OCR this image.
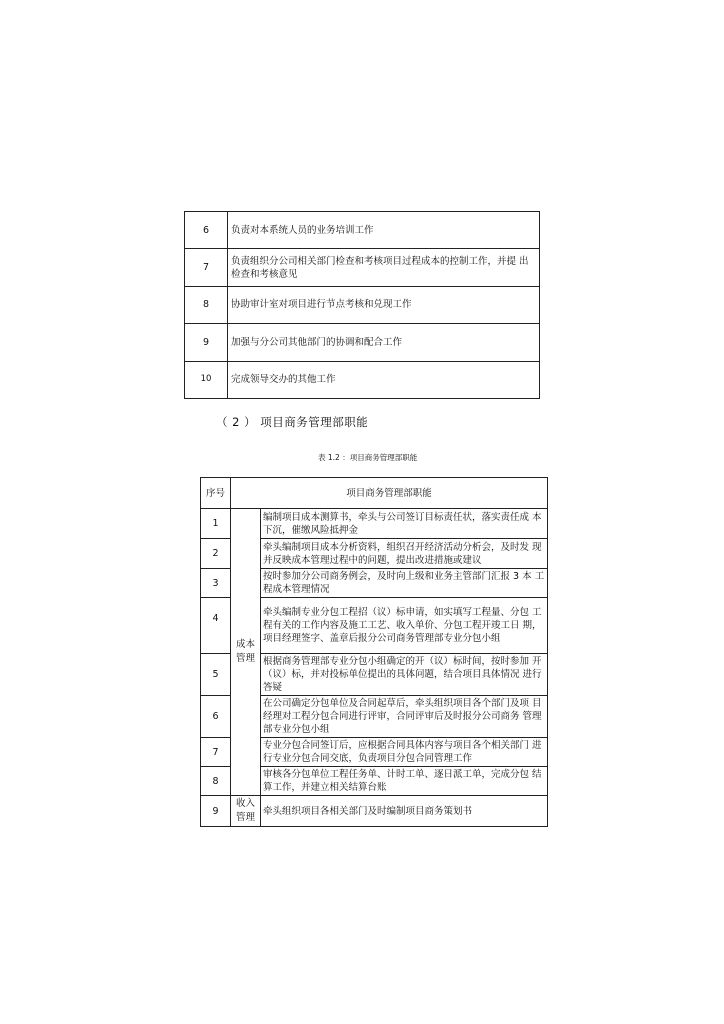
6	负责对本系统人员的业务培训工作
7	负责组织分公司相关部门检查和考核项目过程成本的控制工作，并提 出检查和考核意见
8	协助审计室对项目进行节点考核和兑现工作
9	加强与分公司其他部门的协调和配合工作
10	完成领导交办的其他工作
（ 2 ） 项目商务管理部职能
表 1.2 ：项目商务管理部职能
序号	项目商务管理部职能	
1	成本 管理	编制项目成本测算书，牵头与公司签订目标责任状，落实责任成 本下沉，催缴风险抵押金
2		牵头编制项目成本分析资料，组织召开经济活动分析会，及时发 现并反映成本管理过程中的问题，提出改进措施或建议
3		按时参加分公司商务例会，及时向上级和业务主管部门汇报 3 本 工程成本管理情况
4		牵头编制专业分包工程招（议）标申请，如实填写工程量、分包 工程有关的工作内容及施工工艺、收入单价、分包工程开竣工日 期，项目经理签字、盖章后报分公司商务管理部专业分包小组
5		根据商务管理部专业分包小组确定的开（议）标时间，按时参加 开（议）标，并对投标单位提出的具体问题，结合项目具体情况 进行答疑
6		在公司确定分包单位及合同起草后，牵头组织项目各个部门及项 目经理对工程分包合同进行评审，合同评审后及时报分公司商务 管理部专业分包小组
7		专业分包合同签订后，应根据合同具体内容与项目各个相关部门 进行专业分包合同交底，负责项目分包合同管理工作
8		审核各分包单位工程任务单、计时工单、逐日派工单，完成分包 结算工作，并建立相关结算台账
9	收入 管理	牵头组织项目各相关部门及时编制项目商务策划书
